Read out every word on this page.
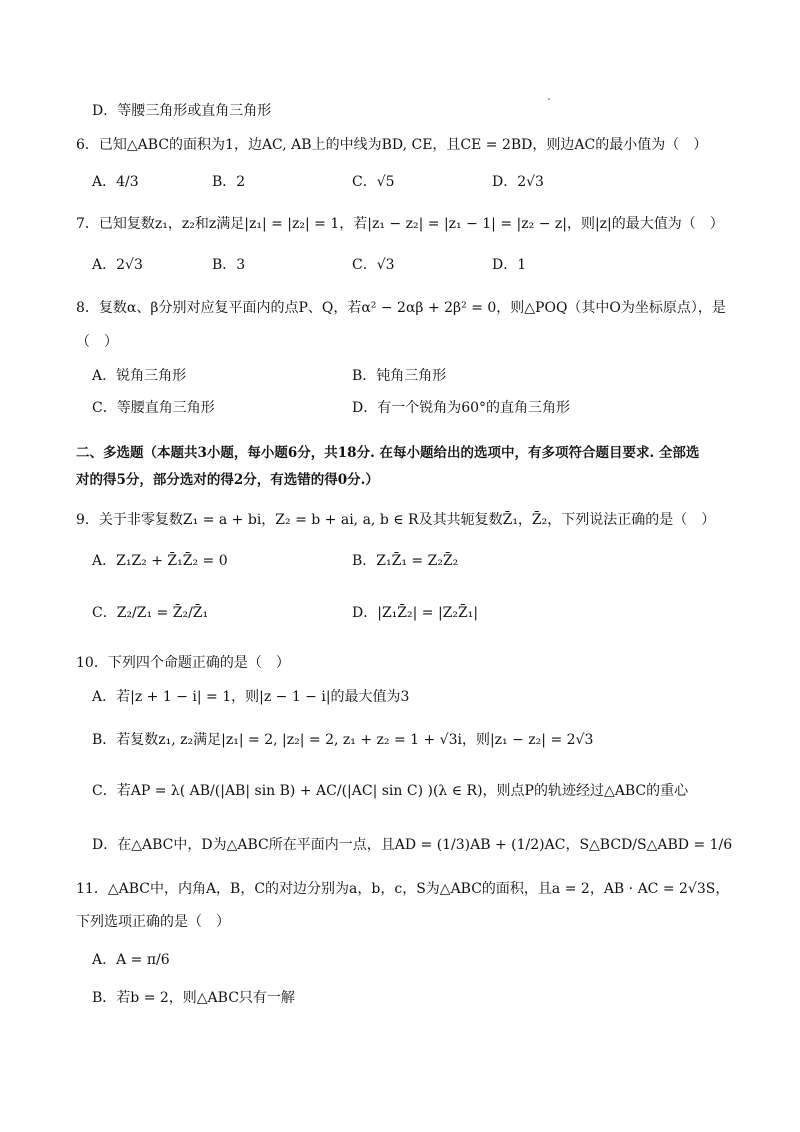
D．等腰三角形或直角三角形
6．已知△ABC的面积为1，边AC, AB上的中线为BD, CE，且CE = 2BD，则边AC的最小值为（　）
A．4/3	B．2	C．√5	D．2√3
7．已知复数z₁，z₂和z满足|z₁| = |z₂| = 1，若|z₁ − z₂| = |z₁ − 1| = |z₂ − z|，则|z|的最大值为（　）
A．2√3	B．3	C．√3	D．1
8．复数α、β分别对应复平面内的点P、Q，若α² − 2αβ + 2β² = 0，则△POQ（其中O为坐标原点），是
（　）
A．锐角三角形	B．钝角三角形
C．等腰直角三角形	D．有一个锐角为60°的直角三角形
二、多选题（本题共3小题，每小题6分，共18分. 在每小题给出的选项中，有多项符合题目要求. 全部选
对的得5分，部分选对的得2分，有选错的得0分.）
9．关于非零复数Z₁ = a + bi，Z₂ = b + ai, a, b ∈ R及其共轭复数Z̄₁，Z̄₂，下列说法正确的是（　）
A．Z₁Z₂ + Z̄₁Z̄₂ = 0	B．Z₁Z̄₁ = Z₂Z̄₂
C．Z₂/Z₁ = Z̄₂/Z̄₁	D．|Z₁Z̄₂| = |Z₂Z̄₁|
10．下列四个命题正确的是（　）
A．若|z + 1 − i| = 1，则|z − 1 − i|的最大值为3
B．若复数z₁, z₂满足|z₁| = 2, |z₂| = 2, z₁ + z₂ = 1 + √3i，则|z₁ − z₂| = 2√3
C．若AP = λ( AB/(|AB| sin B) + AC/(|AC| sin C) )(λ ∈ R)，则点P的轨迹经过△ABC的重心
D．在△ABC中，D为△ABC所在平面内一点，且AD = (1/3)AB + (1/2)AC，S△BCD/S△ABD = 1/6
11．△ABC中，内角A，B，C的对边分别为a，b，c，S为△ABC的面积，且a = 2，AB · AC = 2√3S，
下列选项正确的是（　）
A．A = π/6
B．若b = 2，则△ABC只有一解
